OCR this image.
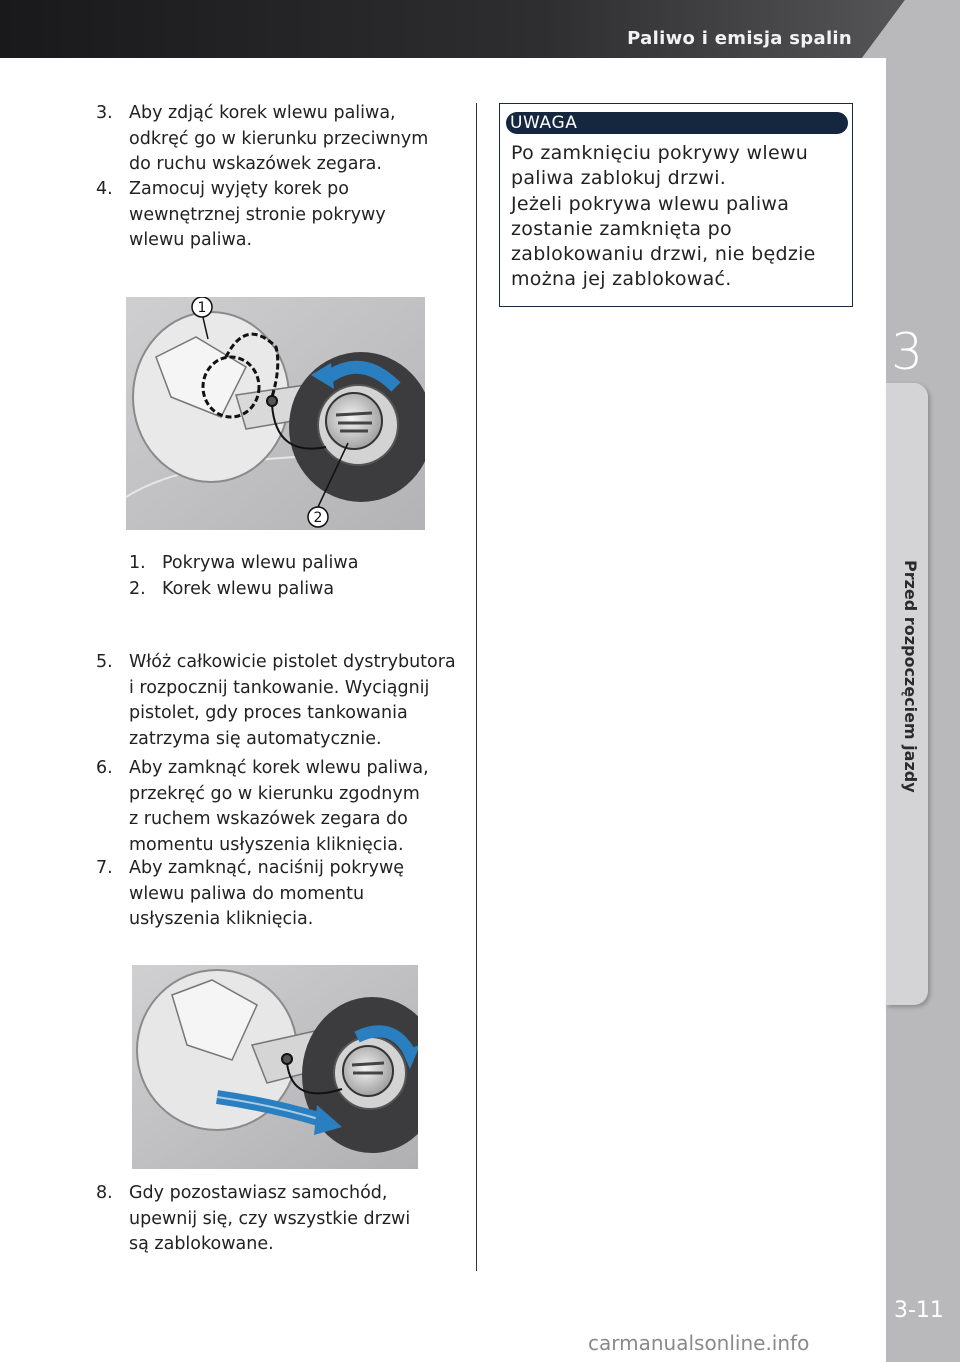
Paliwo i emisja spalin
3
Przed rozpoczęciem jazdy
3-11
carmanualsonline.info
3. Aby zdjąć korek wlewu paliwa,
odkręć go w kierunku przeciwnym
do ruchu wskazówek zegara.
4. Zamocuj wyjęty korek po
wewnętrznej stronie pokrywy
wlewu paliwa.
1
2
1. Pokrywa wlewu paliwa
2. Korek wlewu paliwa
5. Włóż całkowicie pistolet dystrybutora
i rozpocznij tankowanie. Wyciągnij
pistolet, gdy proces tankowania
zatrzyma się automatycznie.
6. Aby zamknąć korek wlewu paliwa,
przekręć go w kierunku zgodnym
z ruchem wskazówek zegara do
momentu usłyszenia kliknięcia.
7. Aby zamknąć, naciśnij pokrywę
wlewu paliwa do momentu
usłyszenia kliknięcia.
8. Gdy pozostawiasz samochód,
upewnij się, czy wszystkie drzwi
są zablokowane.
UWAGA
Po zamknięciu pokrywy wlewu
paliwa zablokuj drzwi.
Jeżeli pokrywa wlewu paliwa
zostanie zamknięta po
zablokowaniu drzwi, nie będzie
można jej zablokować.
